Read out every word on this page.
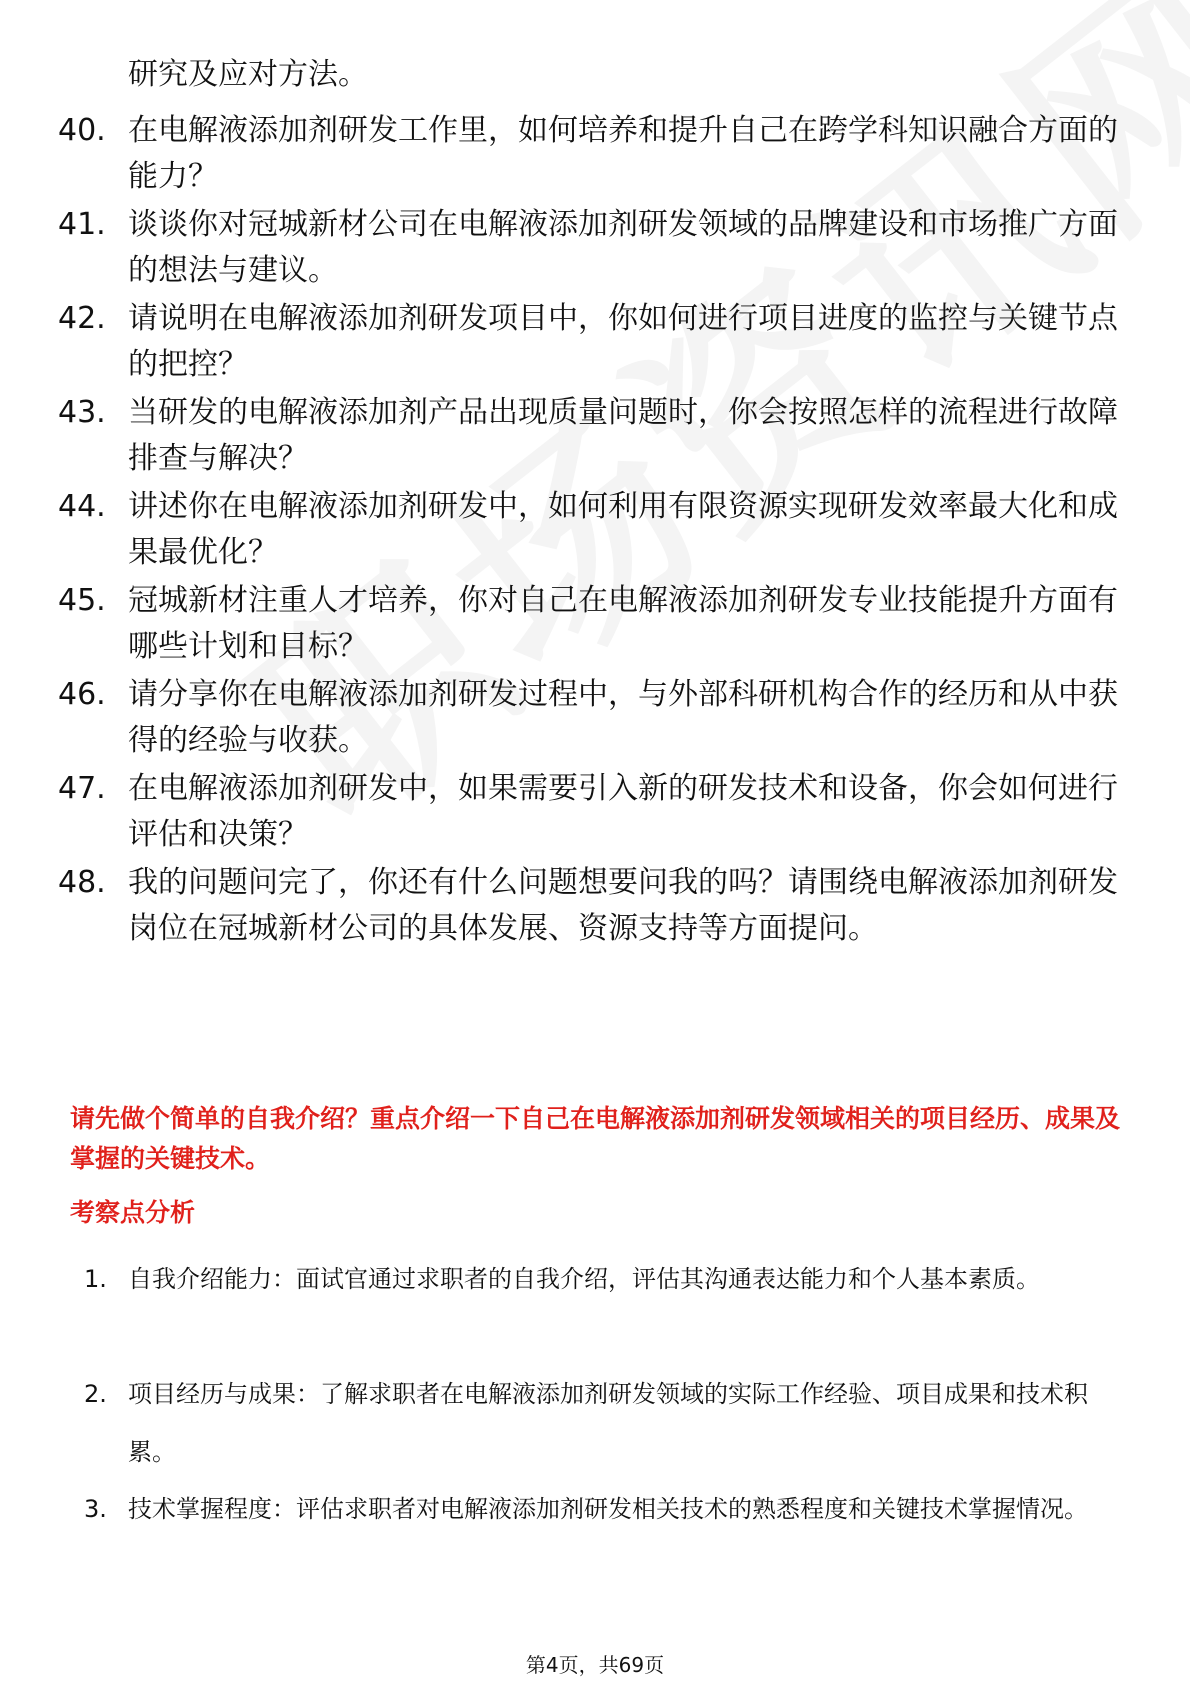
研究及应对方法。
40. 在电解液添加剂研发工作里，如何培养和提升自己在跨学科知识融合方面的能力？
41. 谈谈你对冠城新材公司在电解液添加剂研发领域的品牌建设和市场推广方面的想法与建议。
42. 请说明在电解液添加剂研发项目中，你如何进行项目进度的监控与关键节点的把控？
43. 当研发的电解液添加剂产品出现质量问题时，你会按照怎样的流程进行故障排查与解决？
44. 讲述你在电解液添加剂研发中，如何利用有限资源实现研发效率最大化和成果最优化？
45. 冠城新材注重人才培养，你对自己在电解液添加剂研发专业技能提升方面有哪些计划和目标？
46. 请分享你在电解液添加剂研发过程中，与外部科研机构合作的经历和从中获得的经验与收获。
47. 在电解液添加剂研发中，如果需要引入新的研发技术和设备，你会如何进行评估和决策？
48. 我的问题问完了，你还有什么问题想要问我的吗？请围绕电解液添加剂研发岗位在冠城新材公司的具体发展、资源支持等方面提问。
请先做个简单的自我介绍？重点介绍一下自己在电解液添加剂研发领域相关的项目经历、成果及掌握的关键技术。
考察点分析
1. 自我介绍能力：面试官通过求职者的自我介绍，评估其沟通表达能力和个人基本素质。
2. 项目经历与成果：了解求职者在电解液添加剂研发领域的实际工作经验、项目成果和技术积累。
3. 技术掌握程度：评估求职者对电解液添加剂研发相关技术的熟悉程度和关键技术掌握情况。
第4页，共69页
